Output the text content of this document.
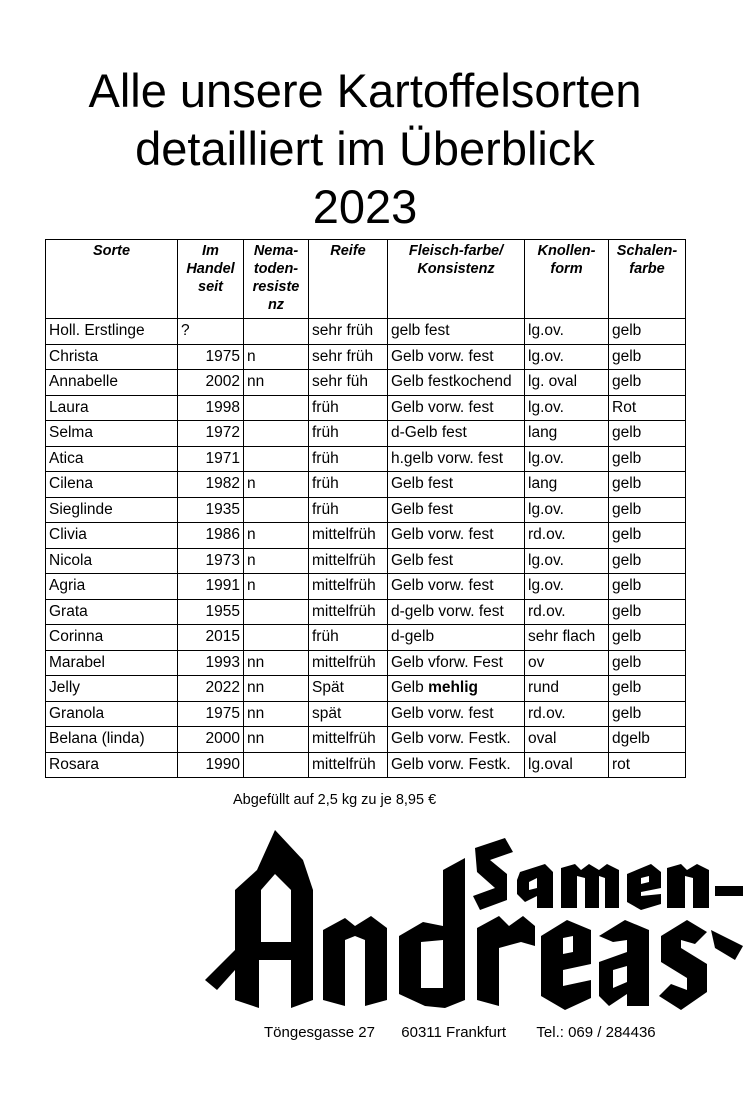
Alle unsere Kartoffelsorten
detailliert im Überblick
2023
Sorte	Im Handel seit	Nema-toden-resiste nz	Reife	Fleisch-farbe/ Konsistenz	Knollen-form	Schalen-farbe
Holl. Erstlinge	?		sehr früh	gelb fest	lg.ov.	gelb
Christa	1975	n	sehr früh	Gelb vorw. fest	lg.ov.	gelb
Annabelle	2002	nn	sehr füh	Gelb festkochend	lg. oval	gelb
Laura	1998		früh	Gelb vorw. fest	lg.ov.	Rot
Selma	1972		früh	d-Gelb fest	lang	gelb
Atica	1971		früh	h.gelb vorw. fest	lg.ov.	gelb
Cilena	1982	n	früh	Gelb fest	lang	gelb
Sieglinde	1935		früh	Gelb fest	lg.ov.	gelb
Clivia	1986	n	mittelfrüh	Gelb vorw. fest	rd.ov.	gelb
Nicola	1973	n	mittelfrüh	Gelb fest	lg.ov.	gelb
Agria	1991	n	mittelfrüh	Gelb vorw. fest	lg.ov.	gelb
Grata	1955		mittelfrüh	d-gelb vorw. fest	rd.ov.	gelb
Corinna	2015		früh	d-gelb	sehr flach	gelb
Marabel	1993	nn	mittelfrüh	Gelb vforw. Fest	ov	gelb
Jelly	2022	nn	Spät	Gelb mehlig	rund	gelb
Granola	1975	nn	spät	Gelb vorw. fest	rd.ov.	gelb
Belana (linda)	2000	nn	mittelfrüh	Gelb vorw. Festk.	oval	dgelb
Rosara	1990		mittelfrüh	Gelb vorw. Festk.	lg.oval	rot
Abgefüllt auf 2,5 kg zu je 8,95 €
Töngesgasse 27 60311 Frankfurt Tel.: 069 / 284436
